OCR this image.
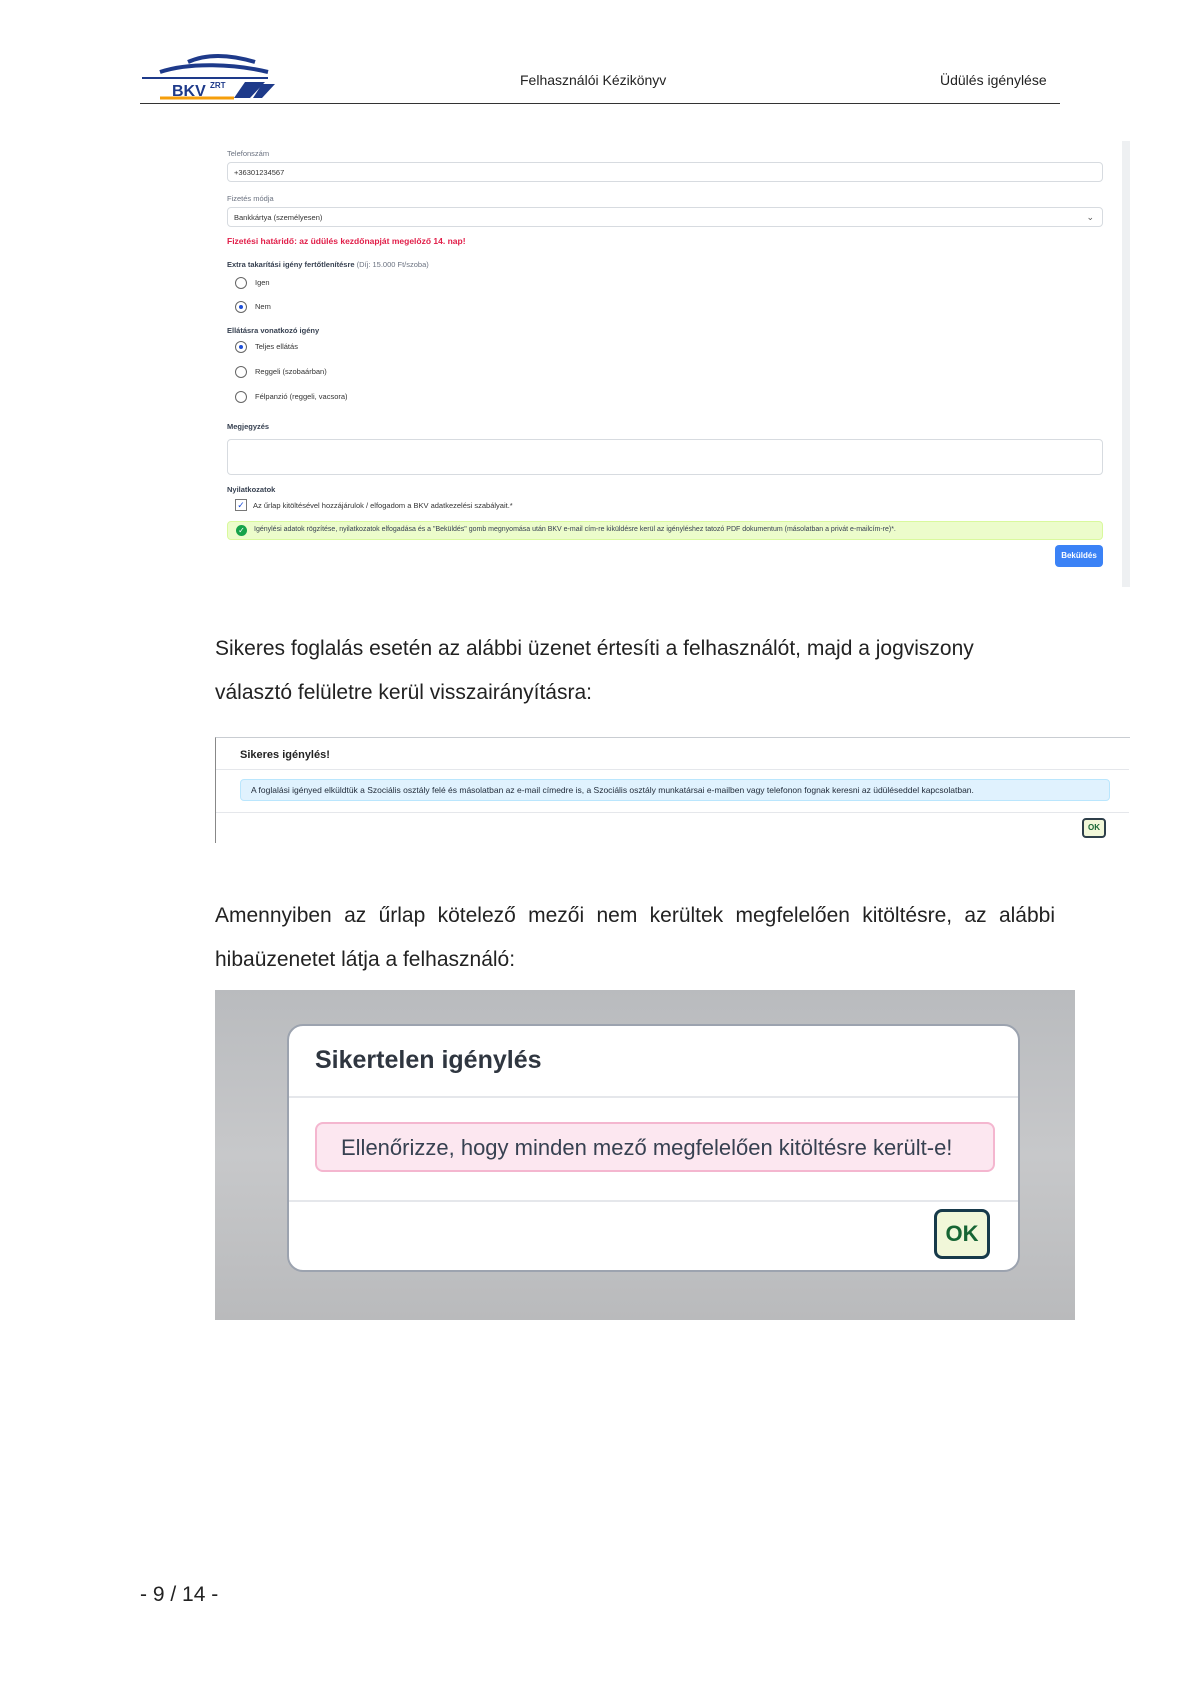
BKV ZRT	Felhasználói Kézikönyv	Üdülés igénylése
Telefonszám
+36301234567
Fizetés módja
Bankkártya (személyesen)	⌄
Fizetési határidő: az üdülés kezdőnapját megelőző 14. nap!
Extra takarítási igény fertőtlenítésre (Díj: 15.000 Ft/szoba)
Igen
Nem
Ellátásra vonatkozó igény
Teljes ellátás
Reggeli (szobaárban)
Félpanzió (reggeli, vacsora)
Megjegyzés
Nyilatkozatok
✓ Az űrlap kitöltésével hozzájárulok / elfogadom a BKV adatkezelési szabályait.*
✓	Igénylési adatok rögzítése, nyilatkozatok elfogadása és a "Beküldés" gomb megnyomása után BKV e-mail cím-re kiküldésre kerül az igényléshez tatozó PDF dokumentum (másolatban a privát e-mailcím-re)*.
Beküldés
Sikeres foglalás esetén az alábbi üzenet értesíti a felhasználót, majd a jogviszony választó felületre kerül visszairányításra:
Sikeres igénylés!
A foglalási igényed elküldtük a Szociális osztály felé és másolatban az e-mail címedre is, a Szociális osztály munkatársai e-mailben vagy telefonon fognak keresni az üdüléseddel kapcsolatban.
OK
Amennyiben az űrlap kötelező mezői nem kerültek megfelelően kitöltésre, az alábbi hibaüzenetet látja a felhasználó:
Sikertelen igénylés
Ellenőrizze, hogy minden mező megfelelően kitöltésre került-e!
OK
- 9 / 14 -
